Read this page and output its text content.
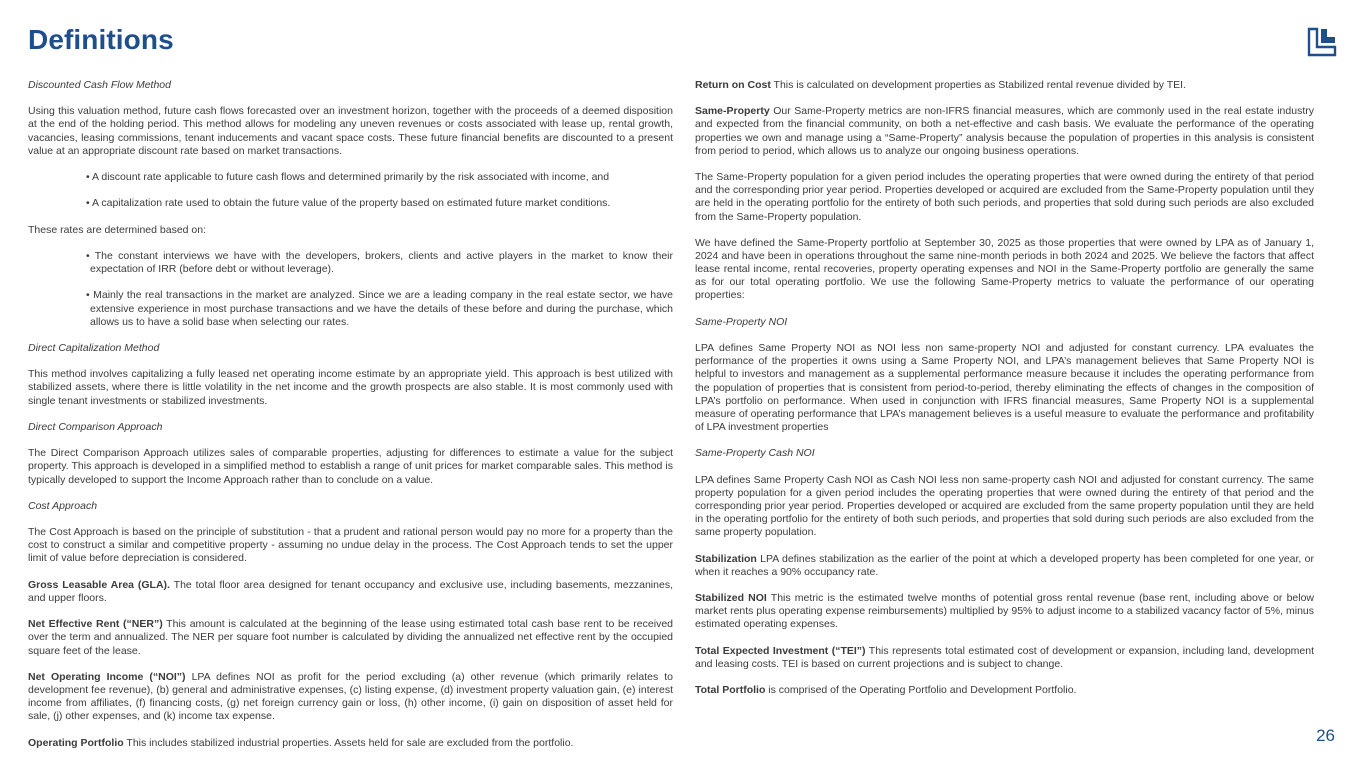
Definitions

Discounted Cash Flow Method

Using this valuation method, future cash flows forecasted over an investment horizon, together with the proceeds of a deemed disposition at the end of the holding period. This method allows for modeling any uneven revenues or costs associated with lease up, rental growth, vacancies, leasing commissions, tenant inducements and vacant space costs. These future financial benefits are discounted to a present value at an appropriate discount rate based on market transactions.

• A discount rate applicable to future cash flows and determined primarily by the risk associated with income, and

• A capitalization rate used to obtain the future value of the property based on estimated future market conditions.

These rates are determined based on:

• The constant interviews we have with the developers, brokers, clients and active players in the market to know their expectation of IRR (before debt or without leverage).

• Mainly the real transactions in the market are analyzed. Since we are a leading company in the real estate sector, we have extensive experience in most purchase transactions and we have the details of these before and during the purchase, which allows us to have a solid base when selecting our rates.

Direct Capitalization Method

This method involves capitalizing a fully leased net operating income estimate by an appropriate yield. This approach is best utilized with stabilized assets, where there is little volatility in the net income and the growth prospects are also stable. It is most commonly used with single tenant investments or stabilized investments.

Direct Comparison Approach

The Direct Comparison Approach utilizes sales of comparable properties, adjusting for differences to estimate a value for the subject property. This approach is developed in a simplified method to establish a range of unit prices for market comparable sales. This method is typically developed to support the Income Approach rather than to conclude on a value.

Cost Approach

The Cost Approach is based on the principle of substitution - that a prudent and rational person would pay no more for a property than the cost to construct a similar and competitive property - assuming no undue delay in the process. The Cost Approach tends to set the upper limit of value before depreciation is considered.

Gross Leasable Area (GLA). The total floor area designed for tenant occupancy and exclusive use, including basements, mezzanines, and upper floors.

Net Effective Rent (“NER”) This amount is calculated at the beginning of the lease using estimated total cash base rent to be received over the term and annualized. The NER per square foot number is calculated by dividing the annualized net effective rent by the occupied square feet of the lease.

Net Operating Income (“NOI”) LPA defines NOI as profit for the period excluding (a) other revenue (which primarily relates to development fee revenue), (b) general and administrative expenses, (c) listing expense, (d) investment property valuation gain, (e) interest income from affiliates, (f) financing costs, (g) net foreign currency gain or loss, (h) other income, (i) gain on disposition of asset held for sale, (j) other expenses, and (k) income tax expense.

Operating Portfolio This includes stabilized industrial properties. Assets held for sale are excluded from the portfolio.

Return on Cost This is calculated on development properties as Stabilized rental revenue divided by TEI.

Same-Property Our Same-Property metrics are non-IFRS financial measures, which are commonly used in the real estate industry and expected from the financial community, on both a net-effective and cash basis. We evaluate the performance of the operating properties we own and manage using a “Same-Property” analysis because the population of properties in this analysis is consistent from period to period, which allows us to analyze our ongoing business operations.

The Same-Property population for a given period includes the operating properties that were owned during the entirety of that period and the corresponding prior year period. Properties developed or acquired are excluded from the Same-Property population until they are held in the operating portfolio for the entirety of both such periods, and properties that sold during such periods are also excluded from the Same-Property population.

We have defined the Same-Property portfolio at September 30, 2025 as those properties that were owned by LPA as of January 1, 2024 and have been in operations throughout the same nine-month periods in both 2024 and 2025. We believe the factors that affect lease rental income, rental recoveries, property operating expenses and NOI in the Same-Property portfolio are generally the same as for our total operating portfolio. We use the following Same-Property metrics to valuate the performance of our operating properties:

Same-Property NOI

LPA defines Same Property NOI as NOI less non same-property NOI and adjusted for constant currency. LPA evaluates the performance of the properties it owns using a Same Property NOI, and LPA’s management believes that Same Property NOI is helpful to investors and management as a supplemental performance measure because it includes the operating performance from the population of properties that is consistent from period-to-period, thereby eliminating the effects of changes in the composition of LPA’s portfolio on performance. When used in conjunction with IFRS financial measures, Same Property NOI is a supplemental measure of operating performance that LPA’s management believes is a useful measure to evaluate the performance and profitability of LPA investment properties

Same-Property Cash NOI

LPA defines Same Property Cash NOI as Cash NOI less non same-property cash NOI and adjusted for constant currency. The same property population for a given period includes the operating properties that were owned during the entirety of that period and the corresponding prior year period. Properties developed or acquired are excluded from the same property population until they are held in the operating portfolio for the entirety of both such periods, and properties that sold during such periods are also excluded from the same property population.

Stabilization LPA defines stabilization as the earlier of the point at which a developed property has been completed for one year, or when it reaches a 90% occupancy rate.

Stabilized NOI This metric is the estimated twelve months of potential gross rental revenue (base rent, including above or below market rents plus operating expense reimbursements) multiplied by 95% to adjust income to a stabilized vacancy factor of 5%, minus estimated operating expenses.

Total Expected Investment (“TEI”) This represents total estimated cost of development or expansion, including land, development and leasing costs. TEI is based on current projections and is subject to change.

Total Portfolio is comprised of the Operating Portfolio and Development Portfolio.

26
